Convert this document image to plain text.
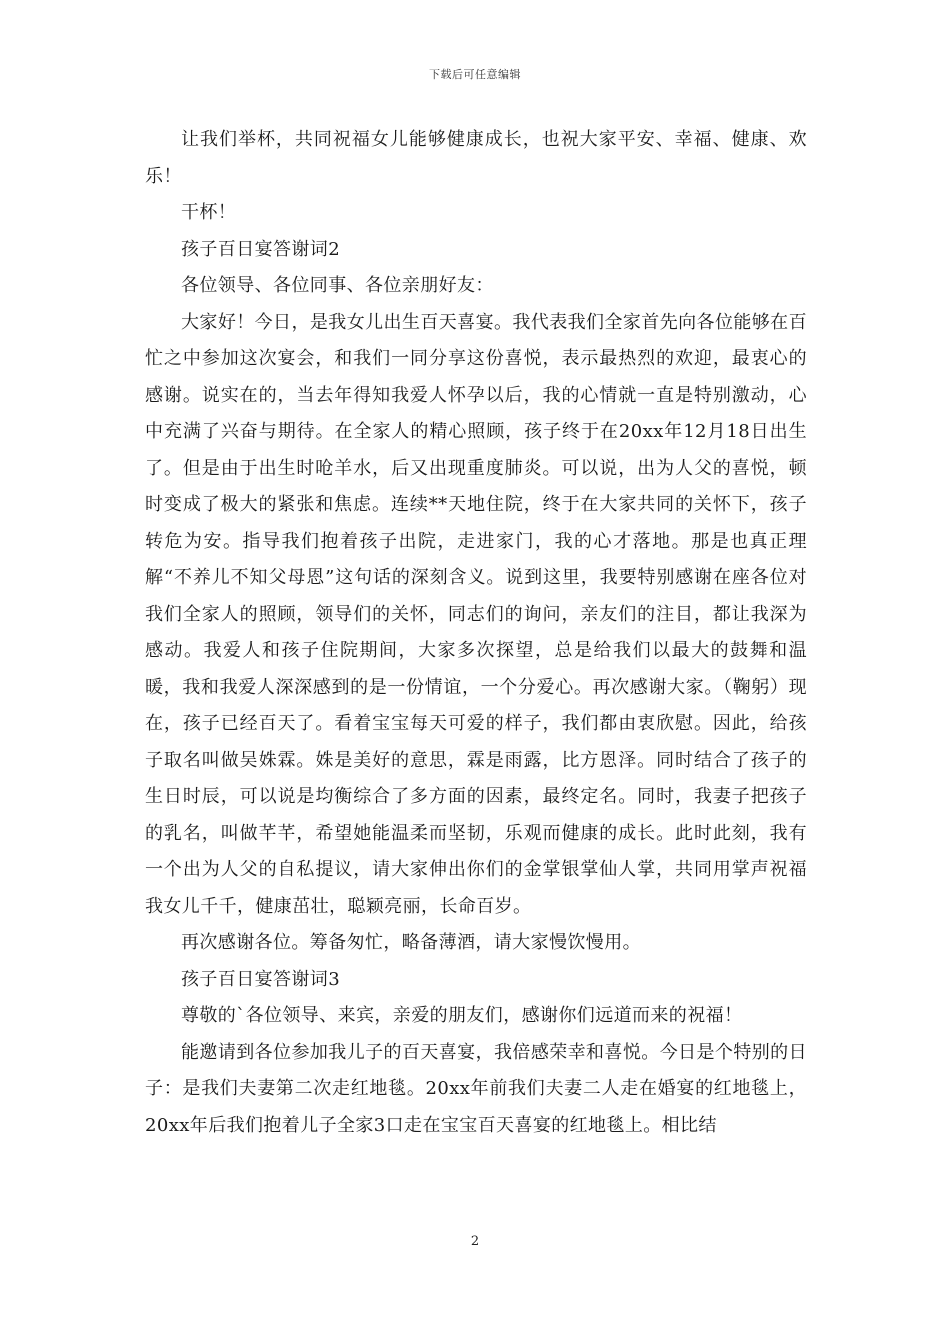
下载后可任意编辑

让我们举杯，共同祝福女儿能够健康成长，也祝大家平安、幸福、健康、欢乐！

干杯！

孩子百日宴答谢词2

各位领导、各位同事、各位亲朋好友：

大家好！今日，是我女儿出生百天喜宴。我代表我们全家首先向各位能够在百忙之中参加这次宴会，和我们一同分享这份喜悦，表示最热烈的欢迎，最衷心的感谢。说实在的，当去年得知我爱人怀孕以后，我的心情就一直是特别激动，心中充满了兴奋与期待。在全家人的精心照顾，孩子终于在20xx年12月18日出生了。但是由于出生时呛羊水，后又出现重度肺炎。可以说，出为人父的喜悦，顿时变成了极大的紧张和焦虑。连续**天地住院，终于在大家共同的关怀下，孩子转危为安。指导我们抱着孩子出院，走进家门，我的心才落地。那是也真正理解“不养儿不知父母恩”这句话的深刻含义。说到这里，我要特别感谢在座各位对我们全家人的照顾，领导们的关怀，同志们的询问，亲友们的注目，都让我深为感动。我爱人和孩子住院期间，大家多次探望，总是给我们以最大的鼓舞和温暖，我和我爱人深深感到的是一份情谊，一个分爱心。再次感谢大家。（鞠躬）现在，孩子已经百天了。看着宝宝每天可爱的样子，我们都由衷欣慰。因此，给孩子取名叫做吴姝霖。姝是美好的意思，霖是雨露，比方恩泽。同时结合了孩子的生日时辰，可以说是均衡综合了多方面的因素，最终定名。同时，我妻子把孩子的乳名，叫做芊芊，希望她能温柔而坚韧，乐观而健康的成长。此时此刻，我有一个出为人父的自私提议，请大家伸出你们的金掌银掌仙人掌，共同用掌声祝福我女儿千千，健康茁壮，聪颖亮丽，长命百岁。

再次感谢各位。筹备匆忙，略备薄酒，请大家慢饮慢用。

孩子百日宴答谢词3

尊敬的`各位领导、来宾，亲爱的朋友们，感谢你们远道而来的祝福！

能邀请到各位参加我儿子的百天喜宴，我倍感荣幸和喜悦。今日是个特别的日子：是我们夫妻第二次走红地毯。20xx年前我们夫妻二人走在婚宴的红地毯上，20xx年后我们抱着儿子全家3口走在宝宝百天喜宴的红地毯上。相比结

2
